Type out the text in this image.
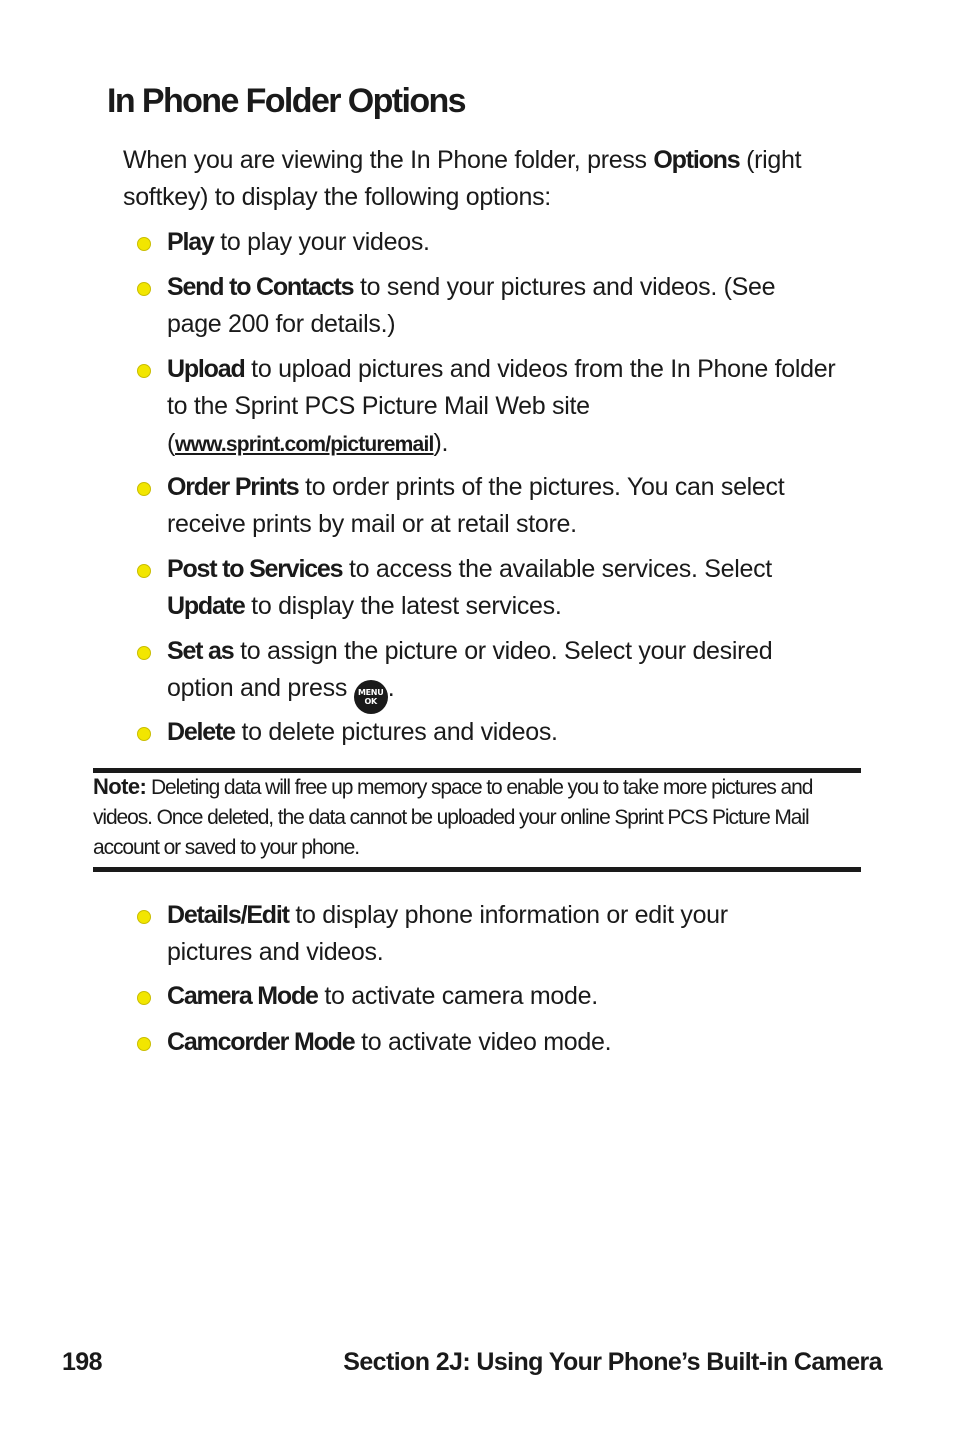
In Phone Folder Options

When you are viewing the In Phone folder, press Options (right softkey) to display the following options:

Play to play your videos.
Send to Contacts to send your pictures and videos. (See page 200 for details.)
Upload to upload pictures and videos from the In Phone folder to the Sprint PCS Picture Mail Web site (www.sprint.com/picturemail).
Order Prints to order prints of the pictures. You can select receive prints by mail or at retail store.
Post to Services to access the available services. Select Update to display the latest services.
Set as to assign the picture or video. Select your desired option and press MENU
OK .
Delete to delete pictures and videos.

Note: Deleting data will free up memory space to enable you to take more pictures and videos. Once deleted, the data cannot be uploaded your online Sprint PCS Picture Mail account or saved to your phone.

Details/Edit to display phone information or edit your pictures and videos.
Camera Mode to activate camera mode.
Camcorder Mode to activate video mode.
198	Section 2J: Using Your Phone’s Built-in Camera
